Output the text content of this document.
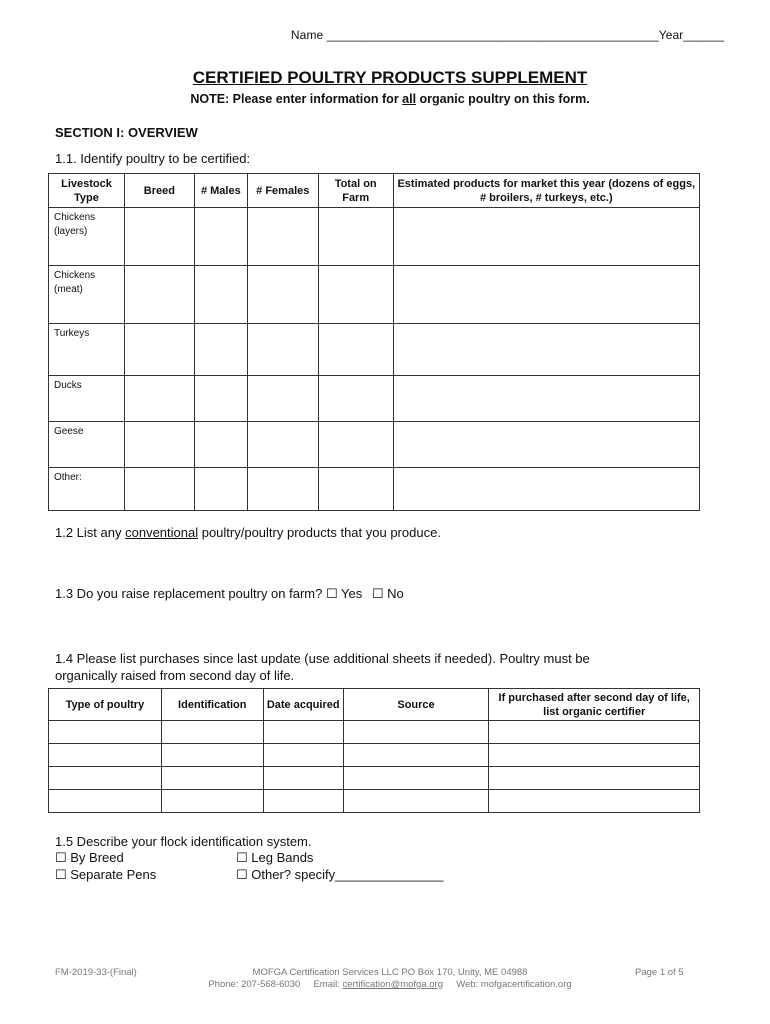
Name _________________________________________________Year______
CERTIFIED POULTRY PRODUCTS SUPPLEMENT
NOTE: Please enter information for all organic poultry on this form.
SECTION I: OVERVIEW
1.1. Identify poultry to be certified:
Livestock Type	Breed	# Males	# Females	Total on Farm	Estimated products for market this year (dozens of eggs, # broilers, # turkeys, etc.)
Chickens (layers)					
Chickens (meat)					
Turkeys					
Ducks					
Geese					
Other:					
1.2 List any conventional poultry/poultry products that you produce.
1.3 Do you raise replacement poultry on farm? ☐ Yes ☐ No
1.4 Please list purchases since last update (use additional sheets if needed). Poultry must be
organically raised from second day of life.
Type of poultry	Identification	Date acquired	Source	If purchased after second day of life, list organic certifier

1.5 Describe your flock identification system.
☐ By Breed	☐ Leg Bands
☐ Separate Pens	☐ Other? specify_______________
FM-2019-33-(Final)	MOFGA Certification Services LLC PO Box 170, Unity, ME 04988
Phone: 207-568-6030 Email: certification@mofga.org Web: mofgacertification.org
Page 1 of 5
